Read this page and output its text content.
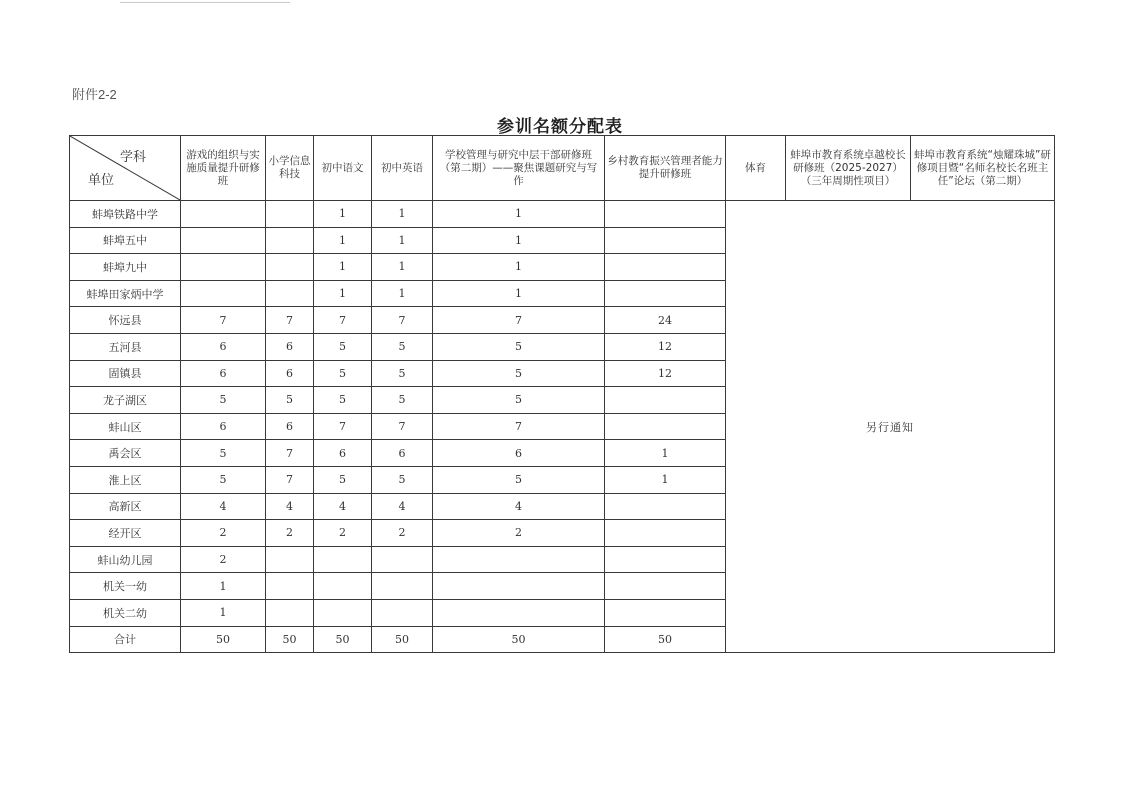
附件2-2
参训名额分配表
学科
单位	游戏的组织与实施质量提升研修班	小学信息科技	初中语文	初中英语	学校管理与研究中层干部研修班（第二期）——聚焦课题研究与写作	乡村教育振兴管理者能力提升研修班	体育	蚌埠市教育系统卓越校长研修班（2025-2027）（三年周期性项目）	蚌埠市教育系统“烛耀珠城”研修项目暨“名师名校长名班主任”论坛（第二期）
蚌埠铁路中学			1	1	1		另行通知		
蚌埠五中			1	1	1				
蚌埠九中			1	1	1				
蚌埠田家炳中学			1	1	1				
怀远县	7	7	7	7	7	24			
五河县	6	6	5	5	5	12			
固镇县	6	6	5	5	5	12			
龙子湖区	5	5	5	5	5				
蚌山区	6	6	7	7	7				
禹会区	5	7	6	6	6	1			
淮上区	5	7	5	5	5	1			
高新区	4	4	4	4	4				
经开区	2	2	2	2	2				
蚌山幼儿园	2								
机关一幼	1								
机关二幼	1								
合计	50	50	50	50	50	50			
